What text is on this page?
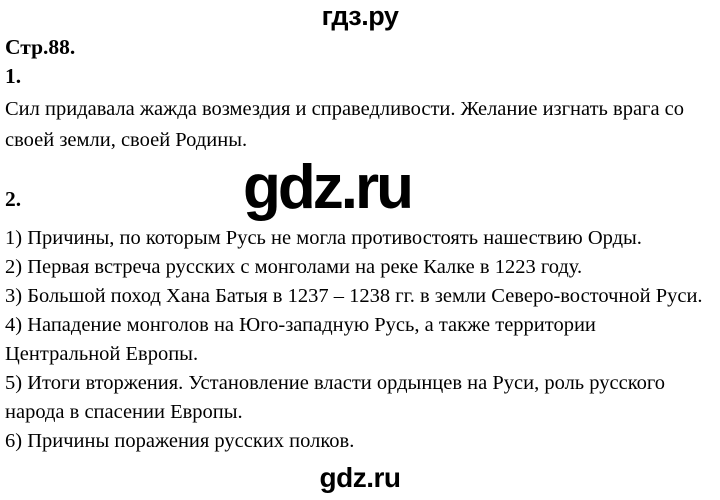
гдз.ру
Стр.88.
1.
Сил придавала жажда возмездия и справедливости. Желание изгнать врага со
своей земли, своей Родины.
gdz.ru
2.
1) Причины, по которым Русь не могла противостоять нашествию Орды.
2) Первая встреча русских с монголами на реке Калке в 1223 году.
3) Большой поход Хана Батыя в 1237 – 1238 гг. в земли Северо-восточной Руси.
4) Нападение монголов на Юго-западную Русь, а также территории
Центральной Европы.
5) Итоги вторжения. Установление власти ордынцев на Руси, роль русского
народа в спасении Европы.
6) Причины поражения русских полков.
gdz.ru
